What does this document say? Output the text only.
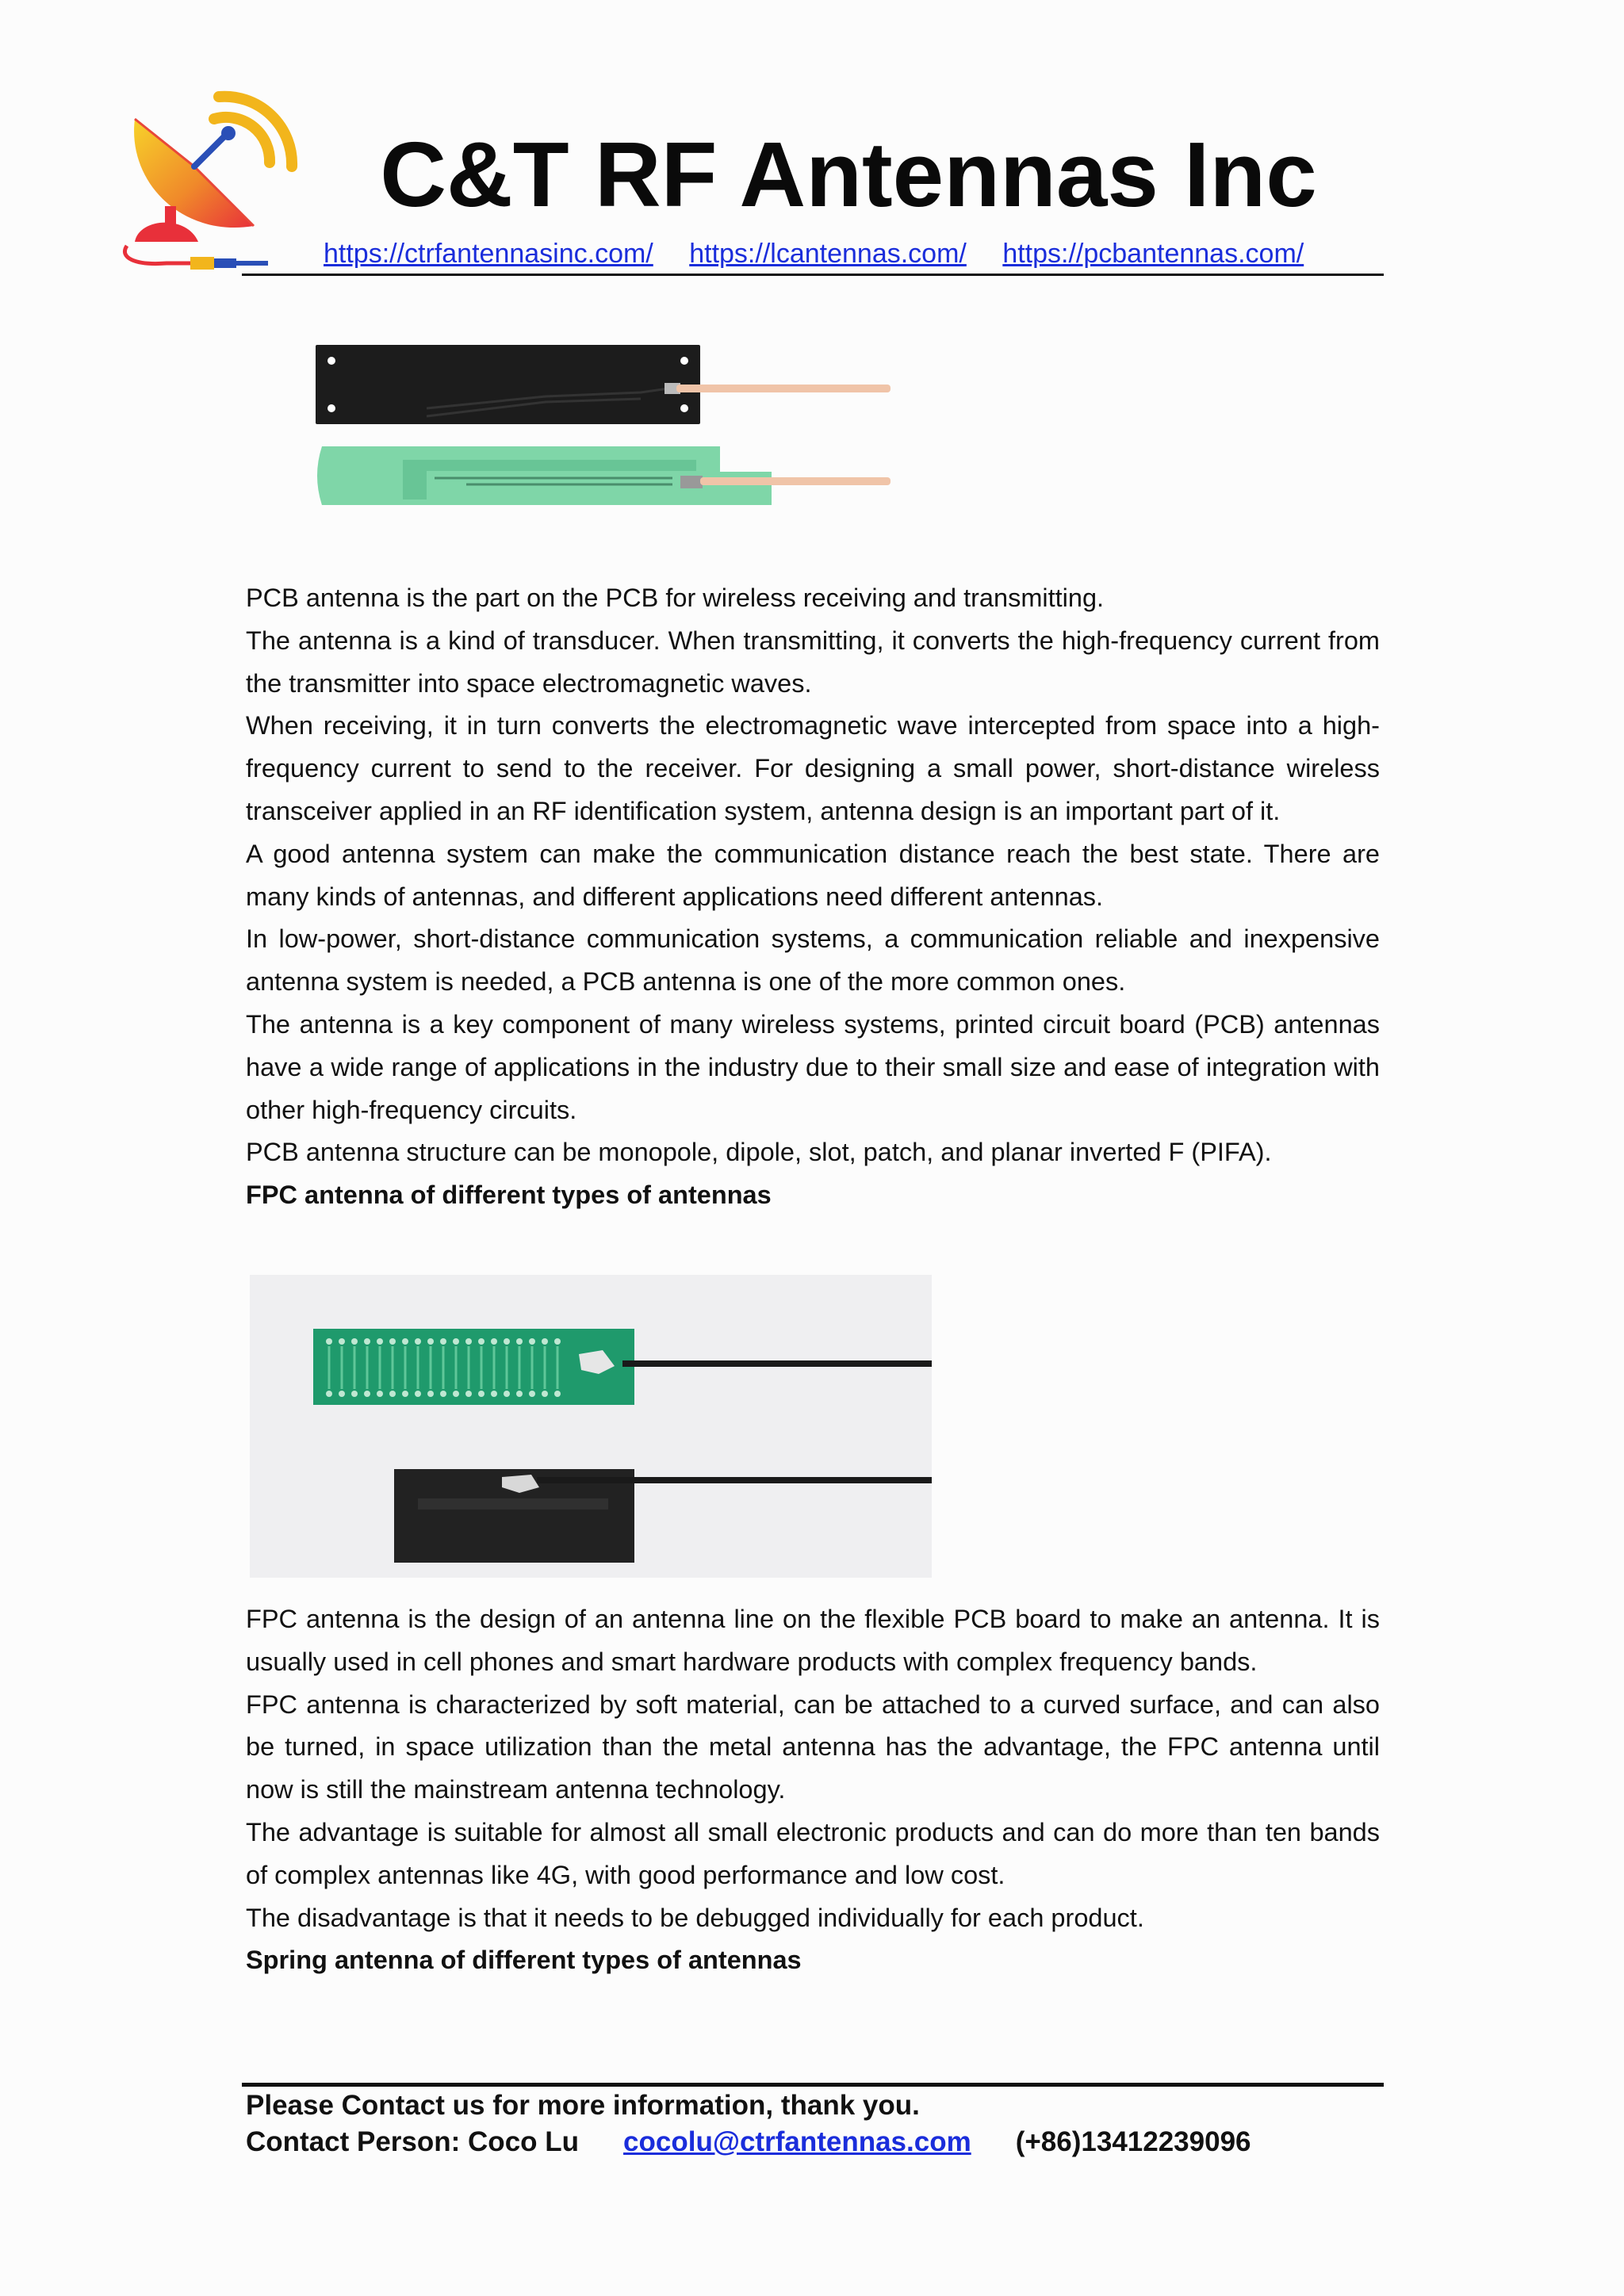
C&T RF Antennas Inc
https://ctrfantennasinc.com/ https://lcantennas.com/ https://pcbantennas.com/

PCB antenna is the part on the PCB for wireless receiving and transmitting.

The antenna is a kind of transducer. When transmitting, it converts the high-frequency current from the transmitter into space electromagnetic waves.

When receiving, it in turn converts the electromagnetic wave intercepted from space into a high-frequency current to send to the receiver. For designing a small power, short-distance wireless transceiver applied in an RF identification system, antenna design is an important part of it.

A good antenna system can make the communication distance reach the best state. There are many kinds of antennas, and different applications need different antennas.

In low-power, short-distance communication systems, a communication reliable and inexpensive antenna system is needed, a PCB antenna is one of the more common ones.

The antenna is a key component of many wireless systems, printed circuit board (PCB) antennas have a wide range of applications in the industry due to their small size and ease of integration with other high-frequency circuits.

PCB antenna structure can be monopole, dipole, slot, patch, and planar inverted F (PIFA).

FPC antenna of different types of antennas

FPC antenna is the design of an antenna line on the flexible PCB board to make an antenna. It is usually used in cell phones and smart hardware products with complex frequency bands.

FPC antenna is characterized by soft material, can be attached to a curved surface, and can also be turned, in space utilization than the metal antenna has the advantage, the FPC antenna until now is still the mainstream antenna technology.

The advantage is suitable for almost all small electronic products and can do more than ten bands of complex antennas like 4G, with good performance and low cost.

The disadvantage is that it needs to be debugged individually for each product.

Spring antenna of different types of antennas

Please Contact us for more information, thank you.
Contact Person: Coco Lu cocolu@ctrfantennas.com (+86)13412239096
